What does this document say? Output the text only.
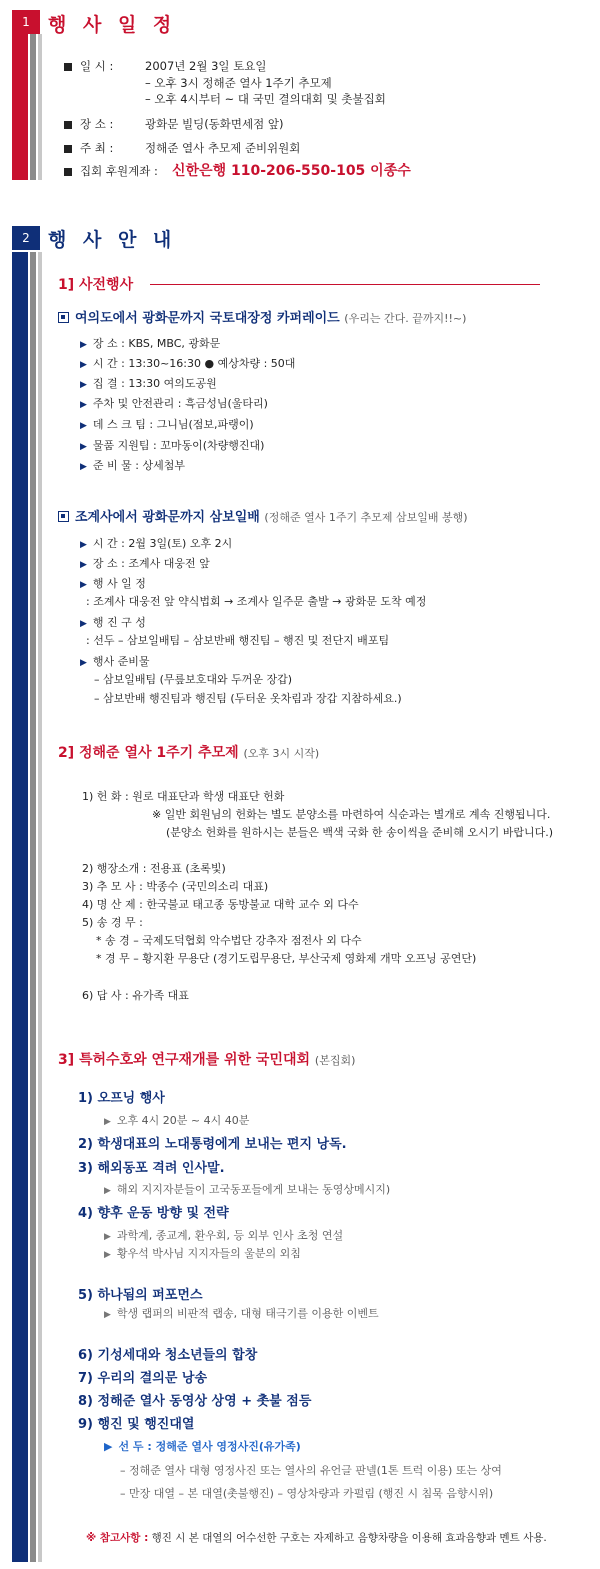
1 행 사 일 정
일 시 :	2007년 2월 3일 토요일
– 오후 3시 정해준 열사 1주기 추모제
– 오후 4시부터 ~ 대 국민 결의대회 및 촛불집회
장 소 :	광화문 빌딩(동화면세점 앞)
주 최 :	정해준 열사 추모제 준비위원회
집회 후원계좌 : 신한은행 110-206-550-105 이종수
2 행 사 안 내
1] 사전행사
여의도에서 광화문까지 국토대장정 카퍼레이드 (우리는 간다. 끝까지!!~)
▶ 장 소 : KBS, MBC, 광화문
▶ 시 간 : 13:30~16:30 ● 예상차량 : 50대
▶ 집 결 : 13:30 여의도공원
▶ 주차 및 안전관리 : 흑금성님(울타리)
▶ 데 스 크 팀 : 그니님(점보,파랭이)
▶ 물품 지원팀 : 꼬마동이(차량행진대)
▶ 준 비 물 : 상세첨부
조계사에서 광화문까지 삼보일배 (정해준 열사 1주기 추모제 삼보일배 봉행)
▶ 시 간 : 2월 3일(토) 오후 2시
▶ 장 소 : 조계사 대웅전 앞
▶ 행 사 일 정
: 조계사 대웅전 앞 약식법회 → 조계사 일주문 출발 → 광화문 도착 예정
▶ 행 진 구 성
: 선두 – 삼보일배팀 – 삼보반배 행진팀 – 행진 및 전단지 배포팀
▶ 행사 준비물
– 삼보일배팀 (무릎보호대와 두꺼운 장갑)
– 삼보반배 행진팀과 행진팀 (두터운 옷차림과 장갑 지참하세요.)
2] 정해준 열사 1주기 추모제 (오후 3시 시작)
1) 헌 화 : 원로 대표단과 학생 대표단 헌화
※ 일반 회원님의 헌화는 별도 분양소를 마련하여 식순과는 별개로 계속 진행됩니다.
(분양소 헌화를 원하시는 분들은 백색 국화 한 송이씩을 준비해 오시기 바랍니다.)
2) 행장소개 : 전용표 (초록빛)
3) 추 모 사 : 박종수 (국민의소리 대표)
4) 명 산 제 : 한국불교 태고종 동방불교 대학 교수 외 다수
5) 송 경 무 :
* 송 경 – 국제도덕협회 악수법단 강추자 점전사 외 다수
* 경 무 – 황지환 무용단 (경기도립무용단, 부산국제 영화제 개막 오프닝 공연단)
6) 답 사 : 유가족 대표
3] 특허수호와 연구재개를 위한 국민대회 (본집회)
1) 오프닝 행사
▶ 오후 4시 20분 ~ 4시 40분
2) 학생대표의 노대통령에게 보내는 편지 낭독.
3) 해외동포 격려 인사말.
▶ 해외 지지자분들이 고국동포들에게 보내는 동영상메시지)
4) 향후 운동 방향 및 전략
▶ 과학계, 종교계, 환우회, 등 외부 인사 초청 연설
▶ 황우석 박사님 지지자들의 울분의 외침
5) 하나됨의 퍼포먼스
▶ 학생 랩퍼의 비판적 랩송, 대형 태극기를 이용한 이벤트
6) 기성세대와 청소년들의 합창
7) 우리의 결의문 낭송
8) 정해준 열사 동영상 상영 + 촛불 점등
9) 행진 및 행진대열
▶ 선 두 : 정해준 열사 영정사진(유가족)
– 정해준 열사 대형 영정사진 또는 열사의 유언글 판넬(1톤 트럭 이용) 또는 상여
– 만장 대열 – 본 대열(촛불행진) – 영상차량과 카펄림 (행진 시 침묵 음향시위)
※ 참고사항 : 행진 시 본 대열의 어수선한 구호는 자제하고 음향차량을 이용해 효과음향과 멘트 사용.
